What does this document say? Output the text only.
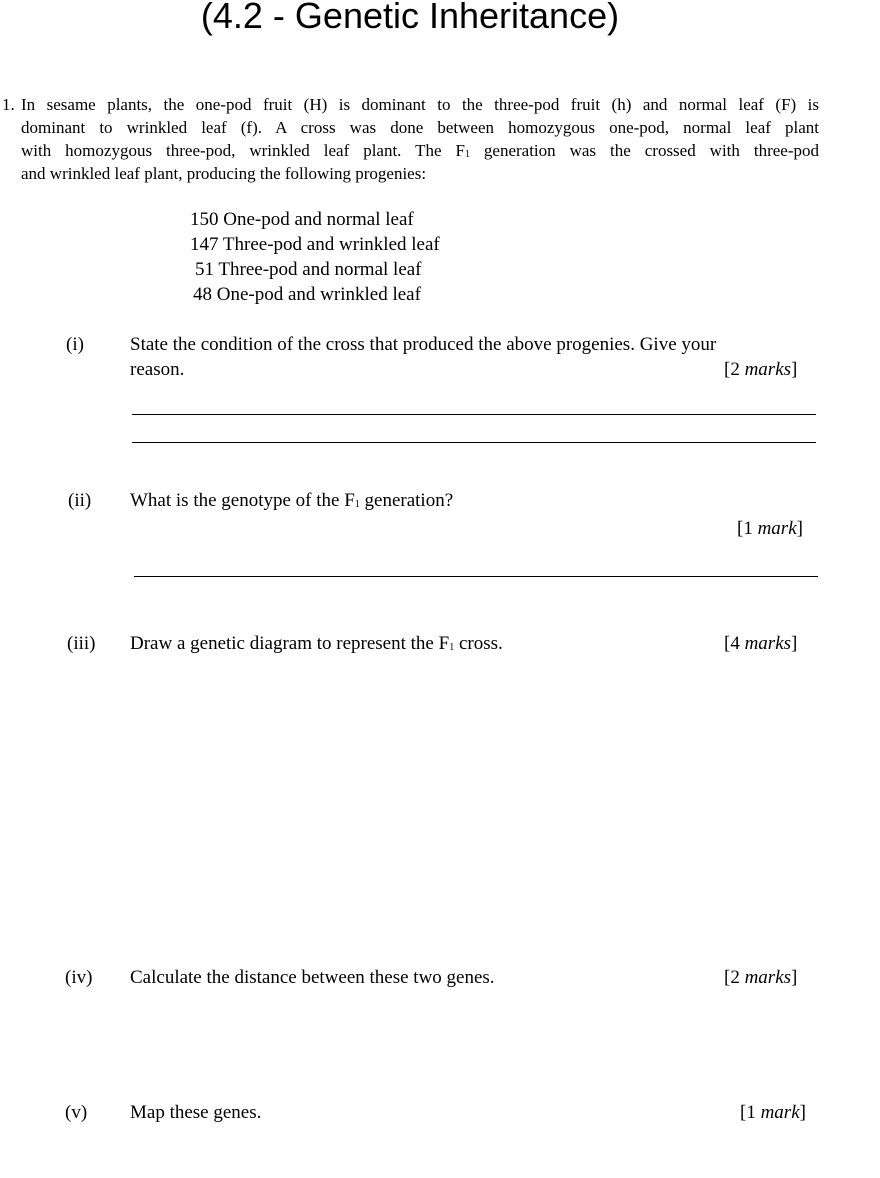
(4.2 - Genetic Inheritance)
1. In sesame plants, the one-pod fruit (H) is dominant to the three-pod fruit (h) and normal leaf (F) is
dominant to wrinkled leaf (f). A cross was done between homozygous one-pod, normal leaf plant
with homozygous three-pod, wrinkled leaf plant. The $F_1$ generation was the crossed with three-pod
and wrinkled leaf plant, producing the following progenies:
150 One-pod and normal leaf
147 Three-pod and wrinkled leaf
51 Three-pod and normal leaf
48 One-pod and wrinkled leaf
(i) State the condition of the cross that produced the above progenies. Give your
reason.	[2 marks]
(ii) What is the genotype of the $F_1$ generation?
[1 mark]
(iii) Draw a genetic diagram to represent the $F_1$ cross.	[4 marks]
(iv) Calculate the distance between these two genes.	[2 marks]
(v) Map these genes.	[1 mark]
